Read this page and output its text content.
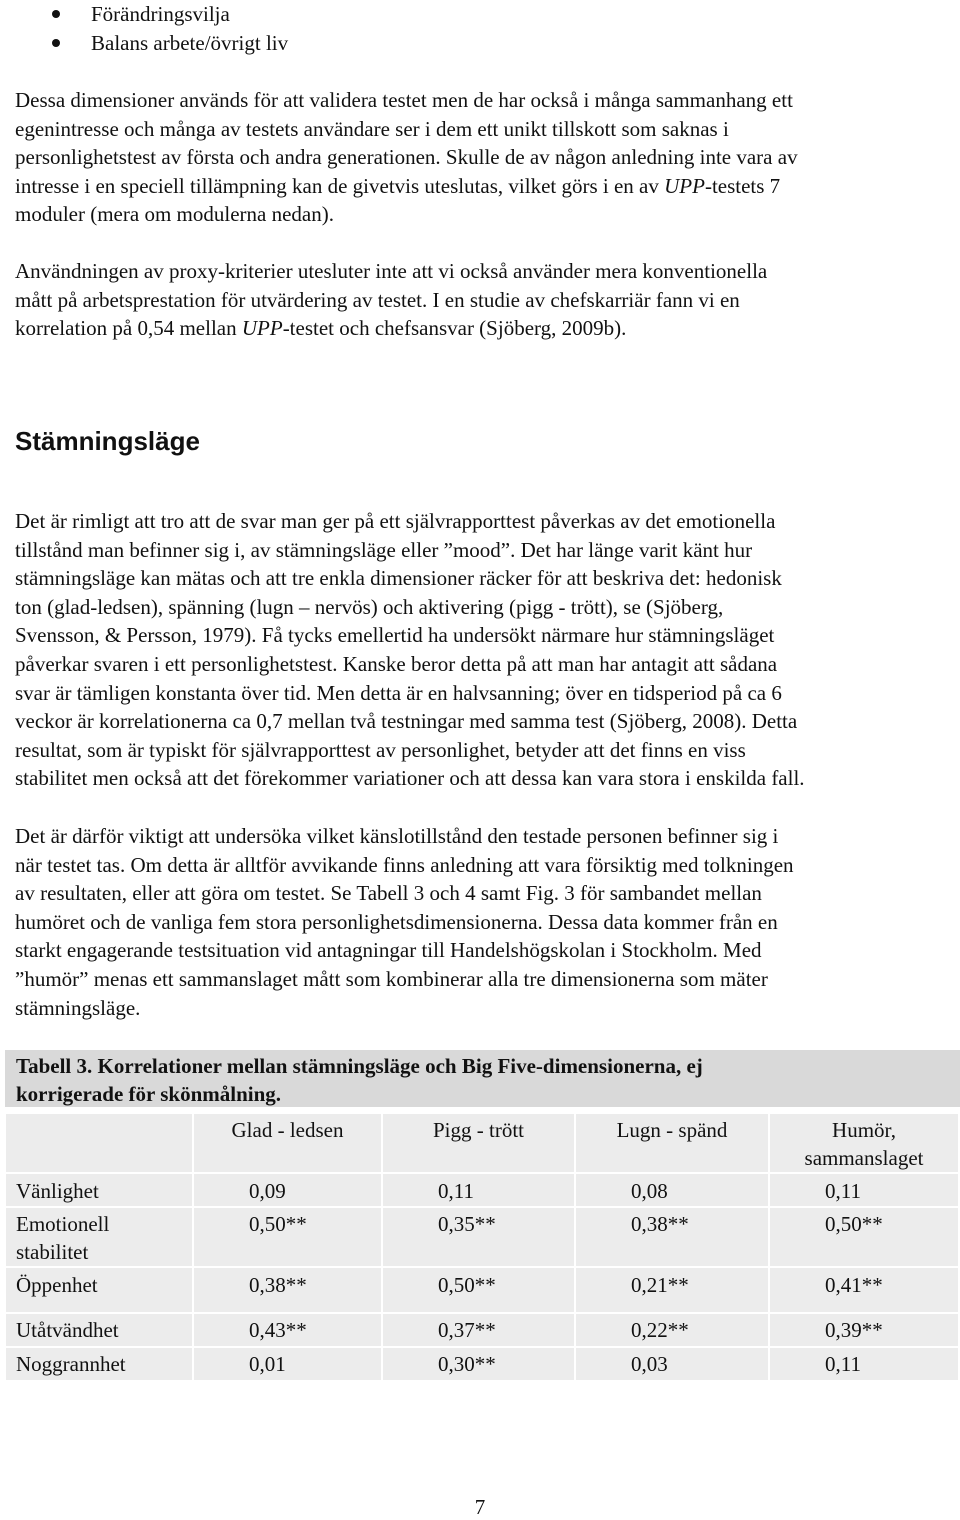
Förändringsvilja
Balans arbete/övrigt liv
Dessa dimensioner används för att validera testet men de har också i många sammanhang ett
egenintresse och många av testets användare ser i dem ett unikt tillskott som saknas i
personlighetstest av första och andra generationen. Skulle de av någon anledning inte vara av
intresse i en speciell tillämpning kan de givetvis uteslutas, vilket görs i en av UPP-testets 7
moduler (mera om modulerna nedan).
Användningen av proxy-kriterier utesluter inte att vi också använder mera konventionella
mått på arbetsprestation för utvärdering av testet. I en studie av chefskarriär fann vi en
korrelation på 0,54 mellan UPP-testet och chefsansvar (Sjöberg, 2009b).
Stämningsläge
Det är rimligt att tro att de svar man ger på ett självrapporttest påverkas av det emotionella
tillstånd man befinner sig i, av stämningsläge eller ”mood”. Det har länge varit känt hur
stämningsläge kan mätas och att tre enkla dimensioner räcker för att beskriva det: hedonisk
ton (glad-ledsen), spänning (lugn – nervös) och aktivering (pigg - trött), se (Sjöberg,
Svensson, & Persson, 1979). Få tycks emellertid ha undersökt närmare hur stämningsläget
påverkar svaren i ett personlighetstest. Kanske beror detta på att man har antagit att sådana
svar är tämligen konstanta över tid. Men detta är en halvsanning; över en tidsperiod på ca 6
veckor är korrelationerna ca 0,7 mellan två testningar med samma test (Sjöberg, 2008). Detta
resultat, som är typiskt för självrapporttest av personlighet, betyder att det finns en viss
stabilitet men också att det förekommer variationer och att dessa kan vara stora i enskilda fall.
Det är därför viktigt att undersöka vilket känslotillstånd den testade personen befinner sig i
när testet tas. Om detta är alltför avvikande finns anledning att vara försiktig med tolkningen
av resultaten, eller att göra om testet. Se Tabell 3 och 4 samt Fig. 3 för sambandet mellan
humöret och de vanliga fem stora personlighetsdimensionerna. Dessa data kommer från en
starkt engagerande testsituation vid antagningar till Handelshögskolan i Stockholm. Med
”humör” menas ett sammanslaget mått som kombinerar alla tre dimensionerna som mäter
stämningsläge.
Tabell 3. Korrelationer mellan stämningsläge och Big Five-dimensionerna, ej
korrigerade för skönmålning.
	Glad - ledsen	Pigg - trött	Lugn - spänd	Humör,
sammanslaget
Vänlighet	0,09	0,11	0,08	0,11
Emotionell
stabilitet	0,50**	0,35**	0,38**	0,50**
Öppenhet	0,38**	0,50**	0,21**	0,41**
Utåtvändhet	0,43**	0,37**	0,22**	0,39**
Noggrannhet	0,01	0,30**	0,03	0,11
7
